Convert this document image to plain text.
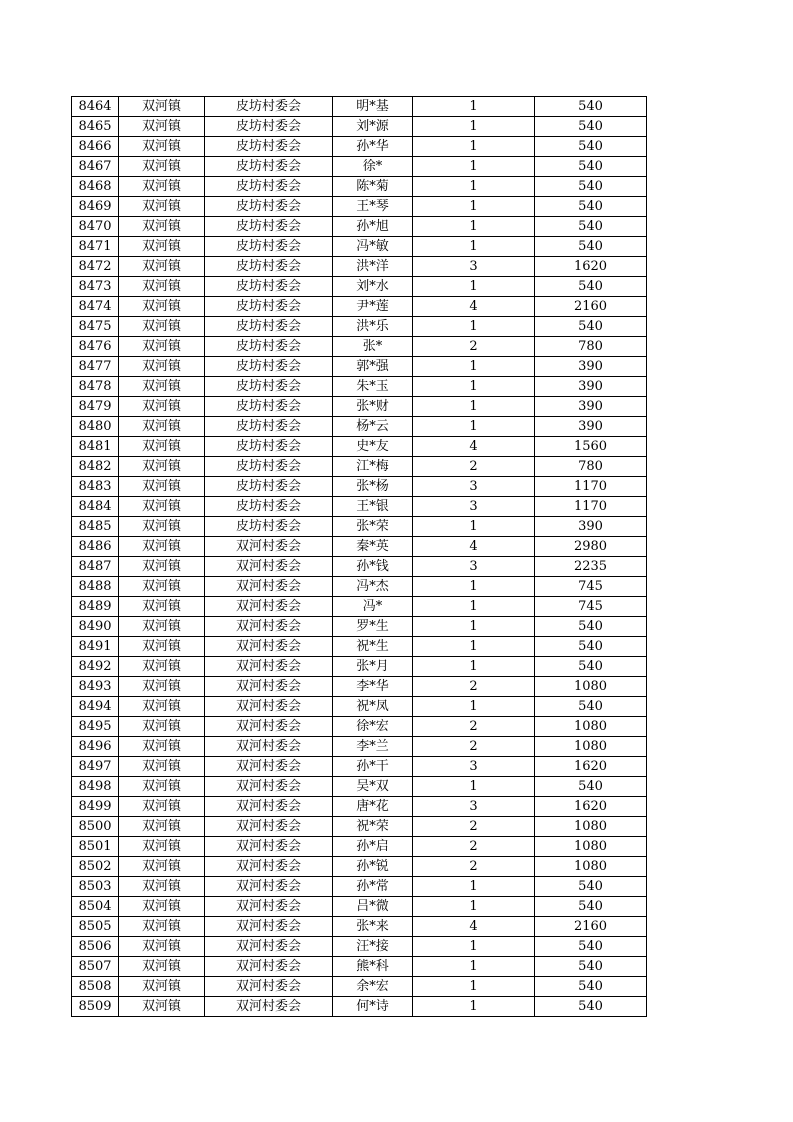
8464	双河镇	皮坊村委会	明*基	1	540
8465	双河镇	皮坊村委会	刘*源	1	540
8466	双河镇	皮坊村委会	孙*华	1	540
8467	双河镇	皮坊村委会	徐*	1	540
8468	双河镇	皮坊村委会	陈*菊	1	540
8469	双河镇	皮坊村委会	王*琴	1	540
8470	双河镇	皮坊村委会	孙*旭	1	540
8471	双河镇	皮坊村委会	冯*敏	1	540
8472	双河镇	皮坊村委会	洪*洋	3	1620
8473	双河镇	皮坊村委会	刘*水	1	540
8474	双河镇	皮坊村委会	尹*莲	4	2160
8475	双河镇	皮坊村委会	洪*乐	1	540
8476	双河镇	皮坊村委会	张*	2	780
8477	双河镇	皮坊村委会	郭*强	1	390
8478	双河镇	皮坊村委会	朱*玉	1	390
8479	双河镇	皮坊村委会	张*财	1	390
8480	双河镇	皮坊村委会	杨*云	1	390
8481	双河镇	皮坊村委会	史*友	4	1560
8482	双河镇	皮坊村委会	江*梅	2	780
8483	双河镇	皮坊村委会	张*杨	3	1170
8484	双河镇	皮坊村委会	王*银	3	1170
8485	双河镇	皮坊村委会	张*荣	1	390
8486	双河镇	双河村委会	秦*英	4	2980
8487	双河镇	双河村委会	孙*钱	3	2235
8488	双河镇	双河村委会	冯*杰	1	745
8489	双河镇	双河村委会	冯*	1	745
8490	双河镇	双河村委会	罗*生	1	540
8491	双河镇	双河村委会	祝*生	1	540
8492	双河镇	双河村委会	张*月	1	540
8493	双河镇	双河村委会	李*华	2	1080
8494	双河镇	双河村委会	祝*凤	1	540
8495	双河镇	双河村委会	徐*宏	2	1080
8496	双河镇	双河村委会	李*兰	2	1080
8497	双河镇	双河村委会	孙*干	3	1620
8498	双河镇	双河村委会	吴*双	1	540
8499	双河镇	双河村委会	唐*花	3	1620
8500	双河镇	双河村委会	祝*荣	2	1080
8501	双河镇	双河村委会	孙*启	2	1080
8502	双河镇	双河村委会	孙*锐	2	1080
8503	双河镇	双河村委会	孙*常	1	540
8504	双河镇	双河村委会	吕*微	1	540
8505	双河镇	双河村委会	张*来	4	2160
8506	双河镇	双河村委会	汪*接	1	540
8507	双河镇	双河村委会	熊*科	1	540
8508	双河镇	双河村委会	余*宏	1	540
8509	双河镇	双河村委会	何*诗	1	540
